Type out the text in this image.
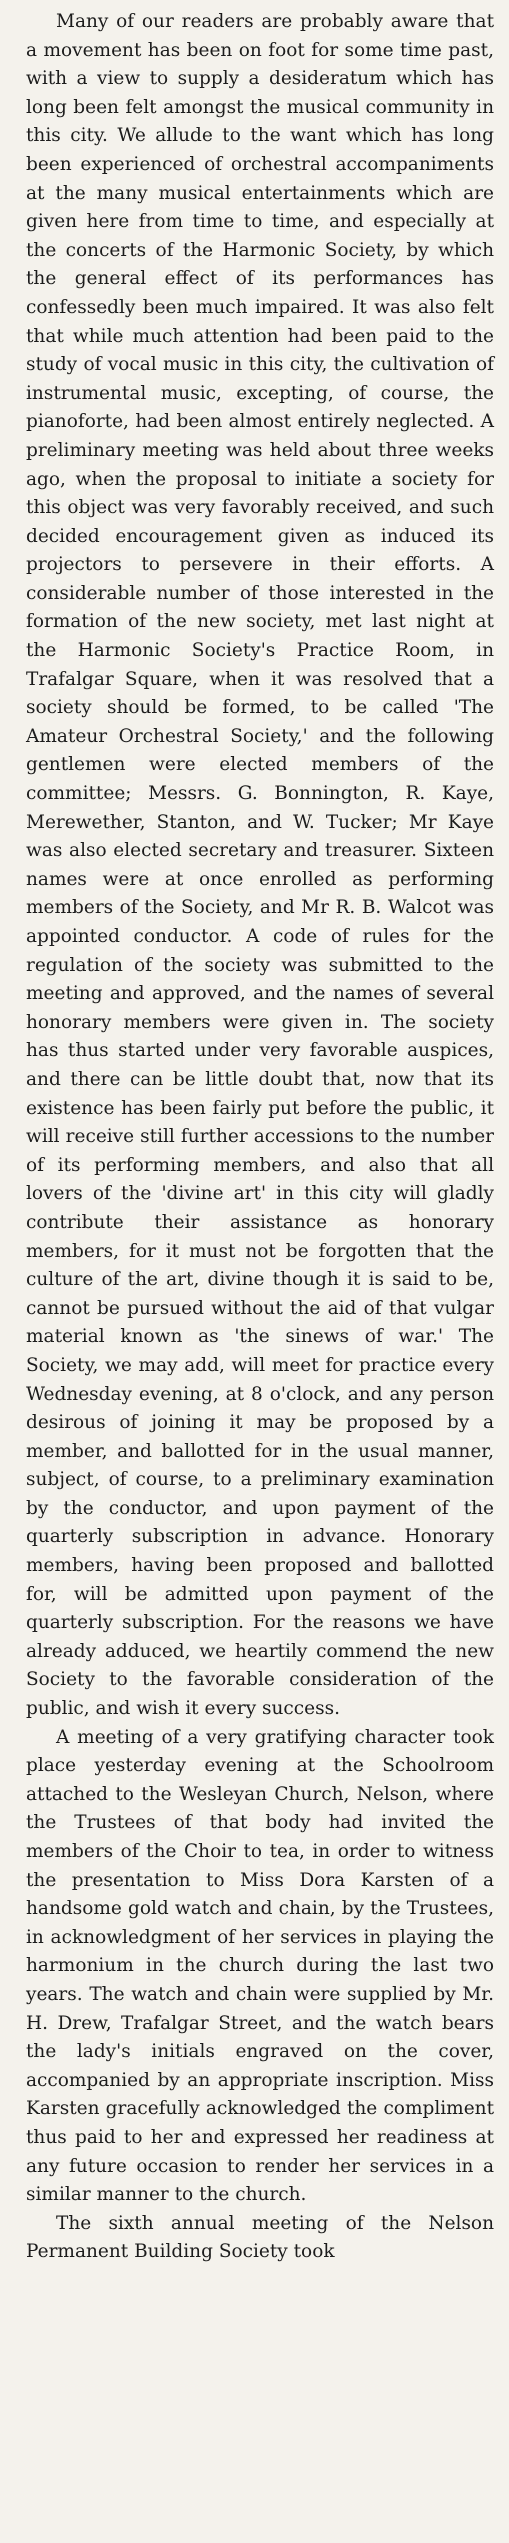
Many of our readers are probably aware that a movement has been on foot for some time past, with a view to supply a desideratum which has long been felt amongst the musical community in this city. We allude to the want which has long been experienced of orchestral accompaniments at the many musical entertainments which are given here from time to time, and especially at the concerts of the Harmonic Society, by which the general effect of its performances has confessedly been much impaired. It was also felt that while much attention had been paid to the study of vocal music in this city, the cultivation of instrumental music, excepting, of course, the pianoforte, had been almost entirely neglected. A preliminary meeting was held about three weeks ago, when the proposal to initiate a society for this object was very favorably received, and such decided encouragement given as induced its projectors to persevere in their efforts. A considerable number of those interested in the formation of the new society, met last night at the Harmonic Society's Practice Room, in Trafalgar Square, when it was resolved that a society should be formed, to be called 'The Amateur Orchestral Society,' and the following gentlemen were elected members of the committee; Messrs. G. Bonnington, R. Kaye, Merewether, Stanton, and W. Tucker; Mr Kaye was also elected secretary and treasurer. Sixteen names were at once enrolled as performing members of the Society, and Mr R. B. Walcot was appointed conductor. A code of rules for the regulation of the society was submitted to the meeting and approved, and the names of several honorary members were given in. The society has thus started under very favorable auspices, and there can be little doubt that, now that its existence has been fairly put before the public, it will receive still further accessions to the number of its performing members, and also that all lovers of the 'divine art' in this city will gladly contribute their assistance as honorary members, for it must not be forgotten that the culture of the art, divine though it is said to be, cannot be pursued without the aid of that vulgar material known as 'the sinews of war.' The Society, we may add, will meet for practice every Wednesday evening, at 8 o'clock, and any person desirous of joining it may be proposed by a member, and ballotted for in the usual manner, subject, of course, to a preliminary examination by the conductor, and upon payment of the quarterly subscription in advance. Honorary members, having been proposed and ballotted for, will be admitted upon payment of the quarterly subscription. For the reasons we have already adduced, we heartily commend the new Society to the favorable consideration of the public, and wish it every success.

A meeting of a very gratifying character took place yesterday evening at the Schoolroom attached to the Wesleyan Church, Nelson, where the Trustees of that body had invited the members of the Choir to tea, in order to witness the presentation to Miss Dora Karsten of a handsome gold watch and chain, by the Trustees, in acknowledgment of her services in playing the harmonium in the church during the last two years. The watch and chain were supplied by Mr. H. Drew, Trafalgar Street, and the watch bears the lady's initials engraved on the cover, accompanied by an appropriate inscription. Miss Karsten gracefully acknowledged the compliment thus paid to her and expressed her readiness at any future occasion to render her services in a similar manner to the church.

The sixth annual meeting of the Nelson Permanent Building Society took
